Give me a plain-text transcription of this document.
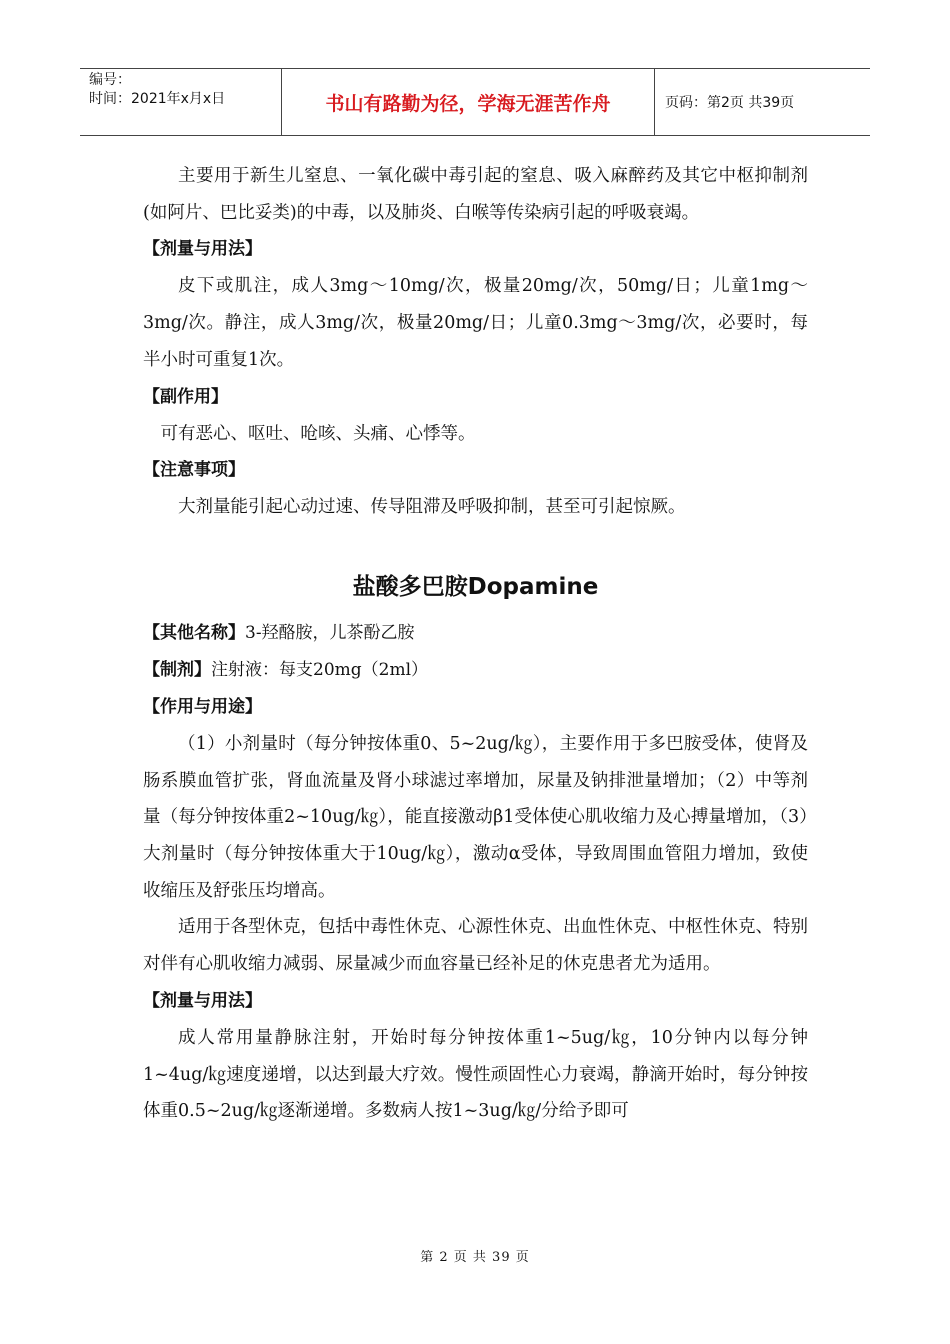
编号：
时间：2021年x月x日	书山有路勤为径，学海无涯苦作舟	页码：第2页 共39页

主要用于新生儿窒息、一氧化碳中毒引起的窒息、吸入麻醉药及其它中枢抑制剂(如阿片、巴比妥类)的中毒，以及肺炎、白喉等传染病引起的呼吸衰竭。

【剂量与用法】

皮下或肌注，成人3mg～10mg/次，极量20mg/次，50mg/日；儿童1mg～3mg/次。静注，成人3mg/次，极量20mg/日；儿童0.3mg～3mg/次，必要时，每半小时可重复1次。

【副作用】

可有恶心、呕吐、呛咳、头痛、心悸等。

【注意事项】

大剂量能引起心动过速、传导阻滞及呼吸抑制，甚至可引起惊厥。

盐酸多巴胺Dopamine

【其他名称】3-羟酪胺，儿茶酚乙胺

【制剂】注射液：每支20mg（2ml）

【作用与用途】

（1）小剂量时（每分钟按体重0、5~2ug/㎏），主要作用于多巴胺受体，使肾及肠系膜血管扩张，肾血流量及肾小球滤过率增加，尿量及钠排泄量增加；（2）中等剂量（每分钟按体重2~10ug/㎏），能直接激动β1受体使心肌收缩力及心搏量增加，（3）大剂量时（每分钟按体重大于10ug/㎏），激动α受体，导致周围血管阻力增加，致使收缩压及舒张压均增高。

适用于各型休克，包括中毒性休克、心源性休克、出血性休克、中枢性休克、特别对伴有心肌收缩力减弱、尿量减少而血容量已经补足的休克患者尤为适用。

【剂量与用法】

成人常用量静脉注射，开始时每分钟按体重1~5ug/㎏，10分钟内以每分钟1~4ug/㎏速度递增，以达到最大疗效。慢性顽固性心力衰竭，静滴开始时，每分钟按体重0.5~2ug/㎏逐渐递增。多数病人按1~3ug/㎏/分给予即可

第 2 页 共 39 页
